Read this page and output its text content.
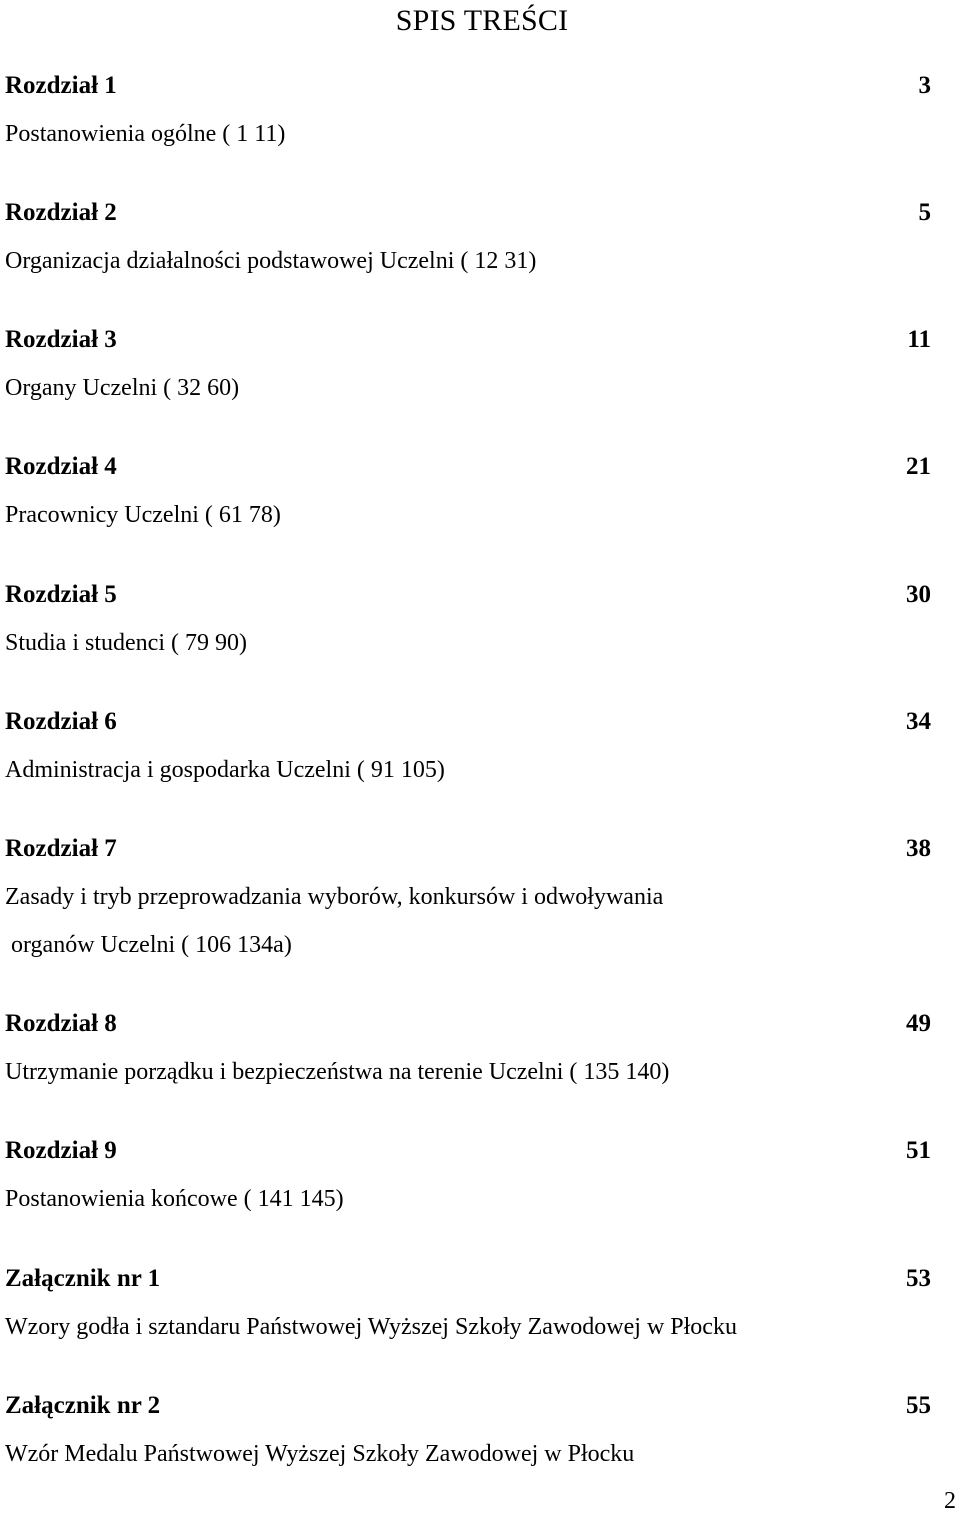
SPIS TREŚCI
Rozdział 1	3
Postanowienia ogólne ( 1 11)
Rozdział 2	5
Organizacja działalności podstawowej Uczelni ( 12 31)
Rozdział 3	11
Organy Uczelni ( 32 60)
Rozdział 4	21
Pracownicy Uczelni ( 61 78)
Rozdział 5	30
Studia i studenci ( 79 90)
Rozdział 6	34
Administracja i gospodarka Uczelni ( 91 105)
Rozdział 7	38
Zasady i tryb przeprowadzania wyborów, konkursów i odwoływania
organów Uczelni ( 106 134a)
Rozdział 8	49
Utrzymanie porządku i bezpieczeństwa na terenie Uczelni ( 135 140)
Rozdział 9	51
Postanowienia końcowe ( 141 145)
Załącznik nr 1	53
Wzory godła i sztandaru Państwowej Wyższej Szkoły Zawodowej w Płocku
Załącznik nr 2	55
Wzór Medalu Państwowej Wyższej Szkoły Zawodowej w Płocku
2
